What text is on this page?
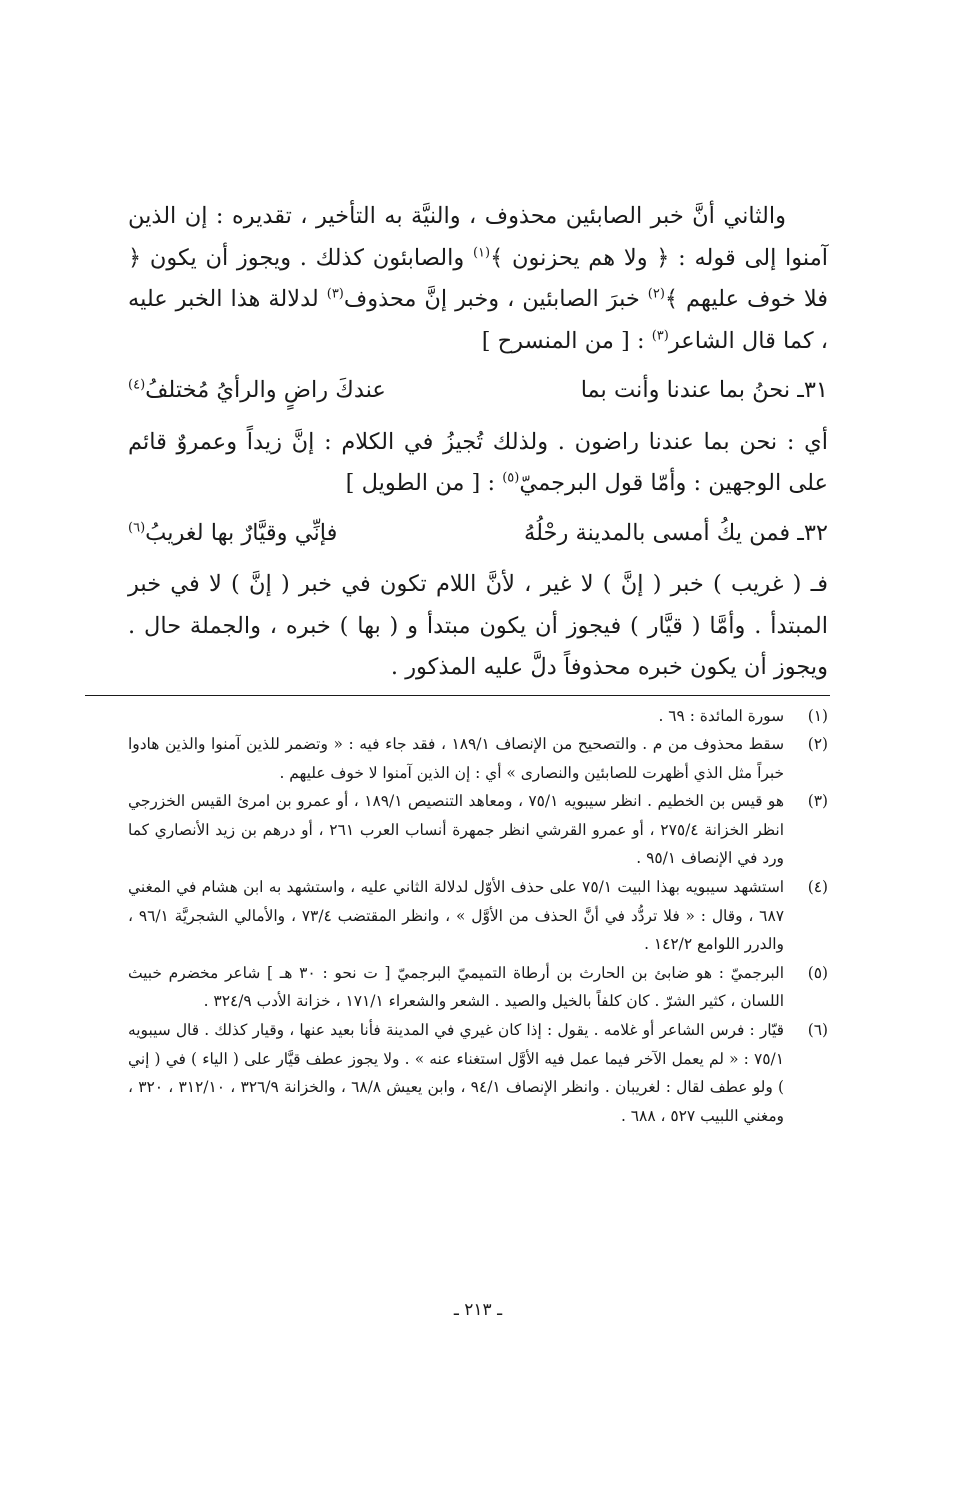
والثاني أنَّ خبر الصابئين محذوف ، والنيَّة به التأخير ، تقديره : إن الذين آمنوا إلى قوله : ﴿ ولا هم يحزنون ﴾$^{(١)}$ والصابئون كذلك . ويجوز أن يكون ﴿ فلا خوف عليهم ﴾$^{(٢)}$ خبرَ الصابئين ، وخبر إنَّ محذوف$^{(٣)}$ لدلالة هذا الخبر عليه ، كما قال الشاعر$^{(٣)}$ : [ من المنسرح ]

٣١ـ نحنُ بما عندنا وأنت بما
عندكَ راضٍ والرأيُ مُختلفُ$^{(٤)}$

أي : نحن بما عندنا راضون . ولذلك تُجيزُ في الكلام : إنَّ زيداً وعمروٌ قائم على الوجهين : وأمّا قول البرجميّ$^{(٥)}$ : [ من الطويل ]

٣٢ـ فمن يكُ أمسى بالمدينة رحْلُهُ
فإنِّي وقيَّارٌ بها لغريبُ$^{(٦)}$

فـ ( غريب ) خبر ( إنَّ ) لا غير ، لأنَّ اللام تكون في خبر ( إنَّ ) لا في خبر المبتدأ . وأمَّا ( قيَّار ) فيجوز أن يكون مبتدأ و ( بها ) خبره ، والجملة حال . ويجوز أن يكون خبره محذوفاً دلَّ عليه المذكور .

(١)
سورة المائدة : ٦٩ .
(٢)
سقط محذوف من م . والتصحيح من الإنصاف ١٨٩/١ ، فقد جاء فيه : « وتضمر للذين آمنوا والذين هادوا خبراً مثل الذي أظهرت للصابئين والنصارى » أي : إن الذين آمنوا لا خوف عليهم .
(٣)
هو قيس بن الخطيم . انظر سيبويه ٧٥/١ ، ومعاهد التنصيص ١٨٩/١ ، أو عمرو بن امرئ القيس الخزرجي انظر الخزانة ٢٧٥/٤ ، أو عمرو القرشي انظر جمهرة أنساب العرب ٢٦١ ، أو درهم بن زيد الأنصاري كما ورد في الإنصاف ٩٥/١ .
(٤)
استشهد سيبويه بهذا البيت ٧٥/١ على حذف الأوّل لدلالة الثاني عليه ، واستشهد به ابن هشام في المغني ٦٨٧ ، وقال : « فلا تردُّد في أنَّ الحذف من الأوَّل » ، وانظر المقتضب ٧٣/٤ ، والأمالي الشجريَّة ٩٦/١ ، والدرر اللوامع ١٤٢/٢ .
(٥)
البرجميّ : هو ضابئ بن الحارث بن أرطاة التميميّ البرجميّ [ ت نحو : ٣٠ هـ ] شاعر مخضرم خبيث اللسان ، كثير الشرّ . كان كلفاً بالخيل والصيد . الشعر والشعراء ١٧١/١ ، خزانة الأدب ٣٢٤/٩ .
(٦)
قيّار : فرس الشاعر أو غلامه . يقول : إذا كان غيري في المدينة فأنا بعيد عنها ، وقيار كذلك . قال سيبويه ٧٥/١ : « لم يعمل الآخر فيما عمل فيه الأوَّل استغناء عنه » . ولا يجوز عطف قيَّار على ( الياء ) في ( إني ) ولو عطف لقال : لغريبان . وانظر الإنصاف ٩٤/١ ، وابن يعيش ٦٨/٨ ، والخزانة ٣٢٦/٩ ، ٣١٢/١٠ ، ٣٢٠ ، ومغني اللبيب ٥٢٧ ، ٦٨٨ .
ـ ٢١٣ ـ
